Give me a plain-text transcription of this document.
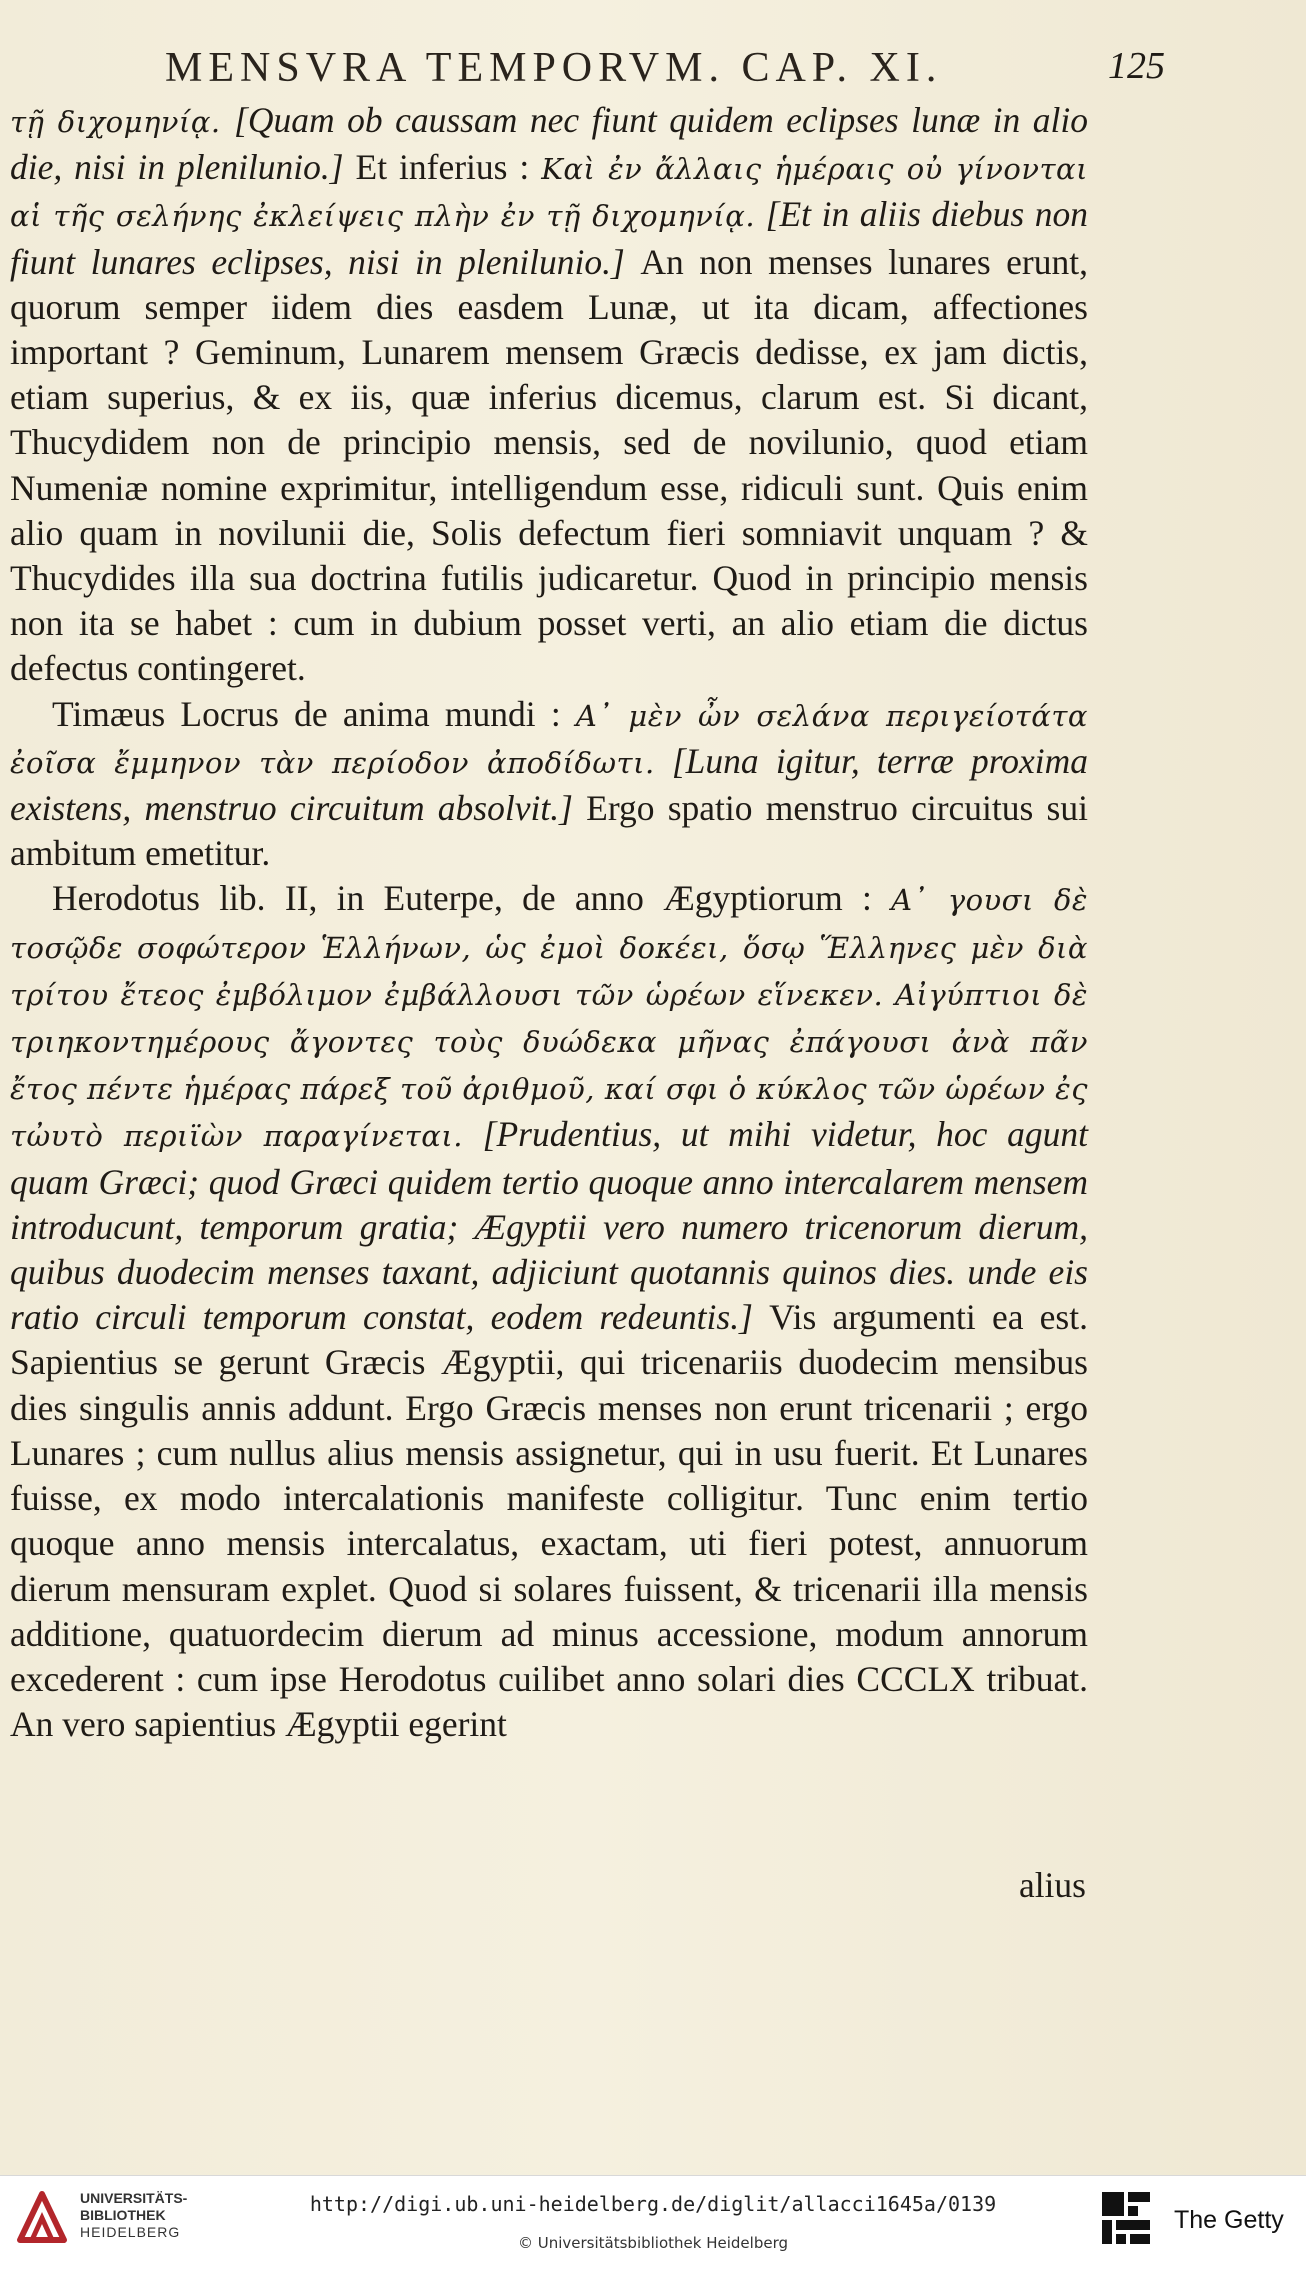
MENSVRA TEMPORVM. CAP. XI.	125

τῇ διχομηνίᾳ. [Quam ob caussam nec fiunt quidem eclipses lunæ in alio die, nisi in plenilunio.] Et inferius : Καὶ ἐν ἄλλαις ἡμέραις οὐ γίνονται αἱ τῆς σελήνης ἐκλείψεις πλὴν ἐν τῇ διχομηνίᾳ. [Et in aliis diebus non fiunt lunares eclipses, nisi in plenilunio.] An non menses lunares erunt, quorum semper iidem dies easdem Lunæ, ut ita dicam, affectiones important ? Geminum, Lunarem mensem Græcis dedisse, ex jam dictis, etiam superius, & ex iis, quæ inferius dicemus, clarum est. Si dicant, Thucydidem non de principio mensis, sed de novilunio, quod etiam Numeniæ nomine exprimitur, intelligendum esse, ridiculi sunt. Quis enim alio quam in novilunii die, Solis defectum fieri somniavit unquam ? & Thucydides illa sua doctrina futilis judicaretur. Quod in principio mensis non ita se habet : cum in dubium posset verti, an alio etiam die dictus defectus contingeret.

Timæus Locrus de anima mundi : Α᾿ μὲν ὦν σελάνα περιγείοτάτα ἐοῖσα ἔμμηνον τὰν περίοδον ἀποδίδωτι. [Luna igitur, terræ proxima existens, menstruo circuitum absolvit.] Ergo spatio menstruo circuitus sui ambitum emetitur.

Herodotus lib. II, in Euterpe, de anno Ægyptiorum : Α᾿ γουσι δὲ τοσῷδε σοφώτερον Ἑλλήνων, ὡς ἐμοὶ δοκέει, ὅσῳ Ἕλληνες μὲν διὰ τρίτου ἔτεος ἐμβόλιμον ἐμβάλλουσι τῶν ὡρέων εἵνεκεν. Αἰγύπτιοι δὲ τριηκοντημέρους ἄγοντες τοὺς δυώδεκα μῆνας ἐπάγουσι ἀνὰ πᾶν ἔτος πέντε ἡμέρας πάρεξ τοῦ ἀριθμοῦ, καί σφι ὁ κύκλος τῶν ὡρέων ἐς τὠυτὸ περιϊὼν παραγίνεται. [Prudentius, ut mihi videtur, hoc agunt quam Græci; quod Græci quidem tertio quoque anno intercalarem mensem introducunt, temporum gratia; Ægyptii vero numero tricenorum dierum, quibus duodecim menses taxant, adjiciunt quotannis quinos dies. unde eis ratio circuli temporum constat, eodem redeuntis.] Vis argumenti ea est. Sapientius se gerunt Græcis Ægyptii, qui tricenariis duodecim mensibus dies singulis annis addunt. Ergo Græcis menses non erunt tricenarii ; ergo Lunares ; cum nullus alius mensis assignetur, qui in usu fuerit. Et Lunares fuisse, ex modo intercalationis manifeste colligitur. Tunc enim tertio quoque anno mensis intercalatus, exactam, uti fieri potest, annuorum dierum mensuram explet. Quod si solares fuissent, & tricenarii illa mensis additione, quatuordecim dierum ad minus accessione, modum annorum excederent : cum ipse Herodotus cuilibet anno solari dies CCCLX tribuat. An vero sapientius Ægyptii egerint

alius
UNIVERSITÄTS-
BIBLIOTHEK
HEIDELBERG
http://digi.ub.uni-heidelberg.de/diglit/allacci1645a/0139
© Universitätsbibliothek Heidelberg
The Getty
